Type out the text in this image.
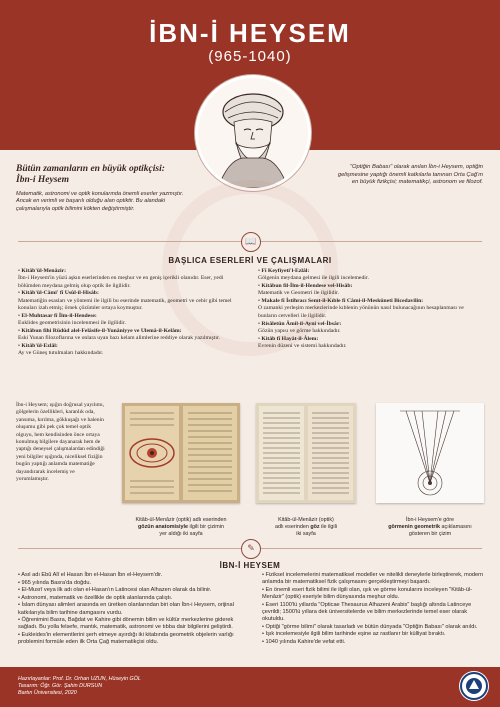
İBN-İ HEYSEM
(965-1040)
Bütün zamanların en büyük optikçisi:
İbn-i Heysem
Matematik, astronomi ve optik konularında önemli eserler yazmıştır. Ancak en verimli ve başarılı olduğu alan optiktir. Bu alandaki çalışmalarıyla optik bilimini kökten değiştirmiştir.
"Optiğin Babası" olarak anılan İbn-i Heysem, optiğin gelişmesine yaptığı önemli katkılarla tanınan Orta Çağ'ın en büyük fizikçisi; matematikçi, astronom ve filozof.
📖
BAŞLICA ESERLERİ VE ÇALIŞMALARI
• Kitâb'ül-Menâzir:
İbn-i Heysem'in yüzü aşkın eserlerinden en meşhur ve en geniş içerikli olanıdır. Eser, yedi bölümden meydana gelmiş olup optik ile ilgilidir.
• Kitâb'ül-Câmi' fî Usûl-il-Hisâb:
Matematiğin esasları ve yöntemi ile ilgili bu eserinde matematik, geometri ve cebir gibi temel konuları izah etmiş; örnek çözümler ortaya koymuştur.
• El-Muhtasar fî İlm-il-Hendese:
Euklides geometrisinin incelenmesi ile ilgilidir.
• Kitâbun fihi Rüdûd alel-Felâsife-il-Yunâniyye ve Ulemâ-il-Kelâm:
Eski Yunan filozoflarına ve onlara uyan bazı kelam alimlerine reddiye olarak yazılmıştır.
• Kitâb'ül-Ezlâl:
Ay ve Güneş tutulmaları hakkındadır.
• Fî Keyfiyeti'l-Ezlâl:
Gölgenin meydana gelmesi ile ilgili incelemedir.
• Kitâbun fil-İlm-il-Hendese vel-Hisâb:
Matematik ve Geometri ile ilgilidir.
• Makale fî İstihracı Semt-il-Kıble fî Câmi-il-Meskûneti Bicedavilin:
O zamanki yerleşim merkezlerinde kıblenin yönünün nasıl bulunacağının hesaplanması ve bunların cetvelleri ile ilgilidir.
• Risâletün Âmil-il-Ayni vel-İbsâr:
Gözün yapısı ve görme hakkındadır.
• Kitâb fî Hayât-il-Âlem:
Evrenin düzeni ve sistemi hakkındadır.
İbn-i Heysem; ışığın doğrusal yayılımı, gölgelerin özellikleri, karanlık oda, yansıma, kırılma, gökkuşağı ve halenin oluşumu gibi pek çok temel optik olguyu, hem kendisinden önce ortaya konulmuş bilgilere dayanarak hem de yaptığı deneysel çalışmalardan edindiği yeni bilgiler ışığında, niceliksel fiziğin bugün yaptığı anlamda matematiğe dayandırarak incelemiş ve yorumlamıştır.
Kitâb-ül-Menâzir (optik) adlı eserinden
gözün anatomisiyle ilgili bir çizimin
yer aldığı iki sayfa
Kitâb-ül-Menâzir (optik)
adlı eserinden göz ile ilgili
iki sayfa
İbn-i Heysem'e göre
görmenin geometrik açıklamasını
gösteren bir çizim
✎
İBN-İ HEYSEM
• Asıl adı Ebû Alî el Hasan İbn el-Hasan İbn el-Heysem'dir.
• 965 yılında Basra'da doğdu.
• El-Musrî veya ilk adı olan el-Hasan'ın Latincesi olan Alhazen olarak da bilinir.
• Astronomi, matematik ve özellikle de optik alanlarında çalıştı.
• İslam dünyası alimleri arasında en üretken olanlarından biri olan İbn-i Heysem, orijinal katkılarıyla bilim tarihine damgasını vurdu.
• Öğrenimini Basra, Bağdat ve Kahire gibi dönemin bilim ve kültür merkezlerine giderek sağladı. Bu yolla felsefe, mantık, matematik, astronomi ve tıbba dair bilgilerini geliştirdi.
• Eukleides'in elementlerini şerh etmeye ayırdığı iki kitabında geometrik objelerin varlığı problemini formüle eden ilk Orta Çağ matematikçisi oldu.
• Fiziksel incelemelerini matematiksel modeller ve nitelikli deneylerle birleştirerek, modern anlamda bir matematiksel fizik çalışmasını gerçekleştirmeyi başardı.
• En önemli eseri fizik bilimi ile ilgili olan, ışık ve görme konularını inceleyen "Kitâb-ül-Menâzir" (optik) eseriyle bilim dünyasında meşhur oldu.
• Eseri 1100'lü yıllarda "Opticae Thesaurus Alhazeni Arabis" başlığı altında Latinceye çevrildi; 1500'lü yıllara dek üniversitelerde ve bilim merkezlerinde temel eser olarak okutuldu.
• Optiği "görme bilimi" olarak tasarladı ve bütün dünyada "Optiğin Babası" olarak anıldı.
• Işık incelemesiyle ilgili bilim tarihinde eşine az rastlanır bir külliyat bıraktı.
• 1040 yılında Kahire'de vefat etti.
Hazırlayanlar: Prof. Dr. Orhan UZUN, Hüseyin GÖL
Tasarım: Öğr. Gör. Şahin DURSUN
Bartın Üniversitesi, 2020
